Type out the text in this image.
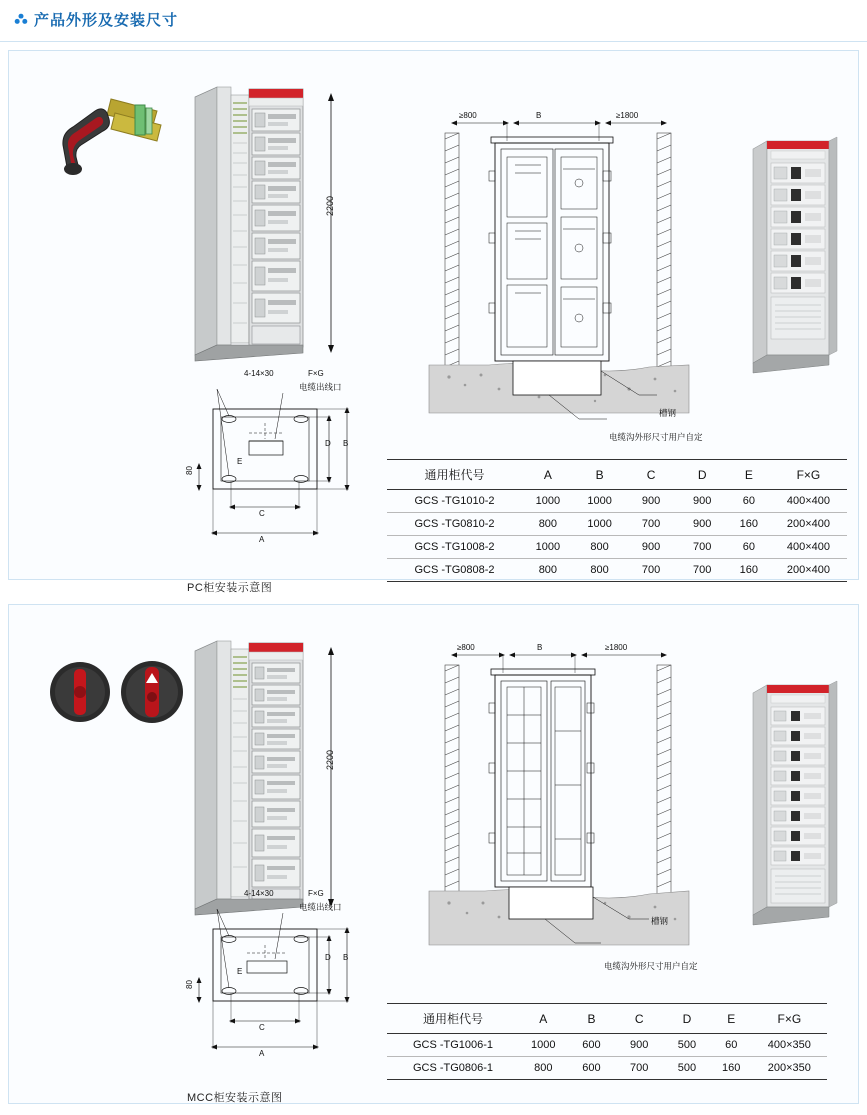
产品外形及安装尺寸
2200
4-14×30	F×G
电缆出线口
80
E
C
A
D B
PC柜安装示意图
≥800	B	≥1800
槽钢
电缆沟外形尺寸用户自定
通用柜代号	A	B	C	D	E	F×G
GCS -TG1010-2	1000	1000	900	900	60	400×400
GCS -TG0810-2	800	1000	700	900	160	200×400
GCS -TG1008-2	1000	800	900	700	60	400×400
GCS -TG0808-2	800	800	700	700	160	200×400
2200
4-14×30	F×G
电缆出线口
80
E
C
A
D B
MCC柜安装示意图
≥800	B	≥1800
槽钢
电缆沟外形尺寸用户自定
通用柜代号	A	B	C	D	E	F×G
GCS -TG1006-1	1000	600	900	500	60	400×350
GCS -TG0806-1	800	600	700	500	160	200×350
